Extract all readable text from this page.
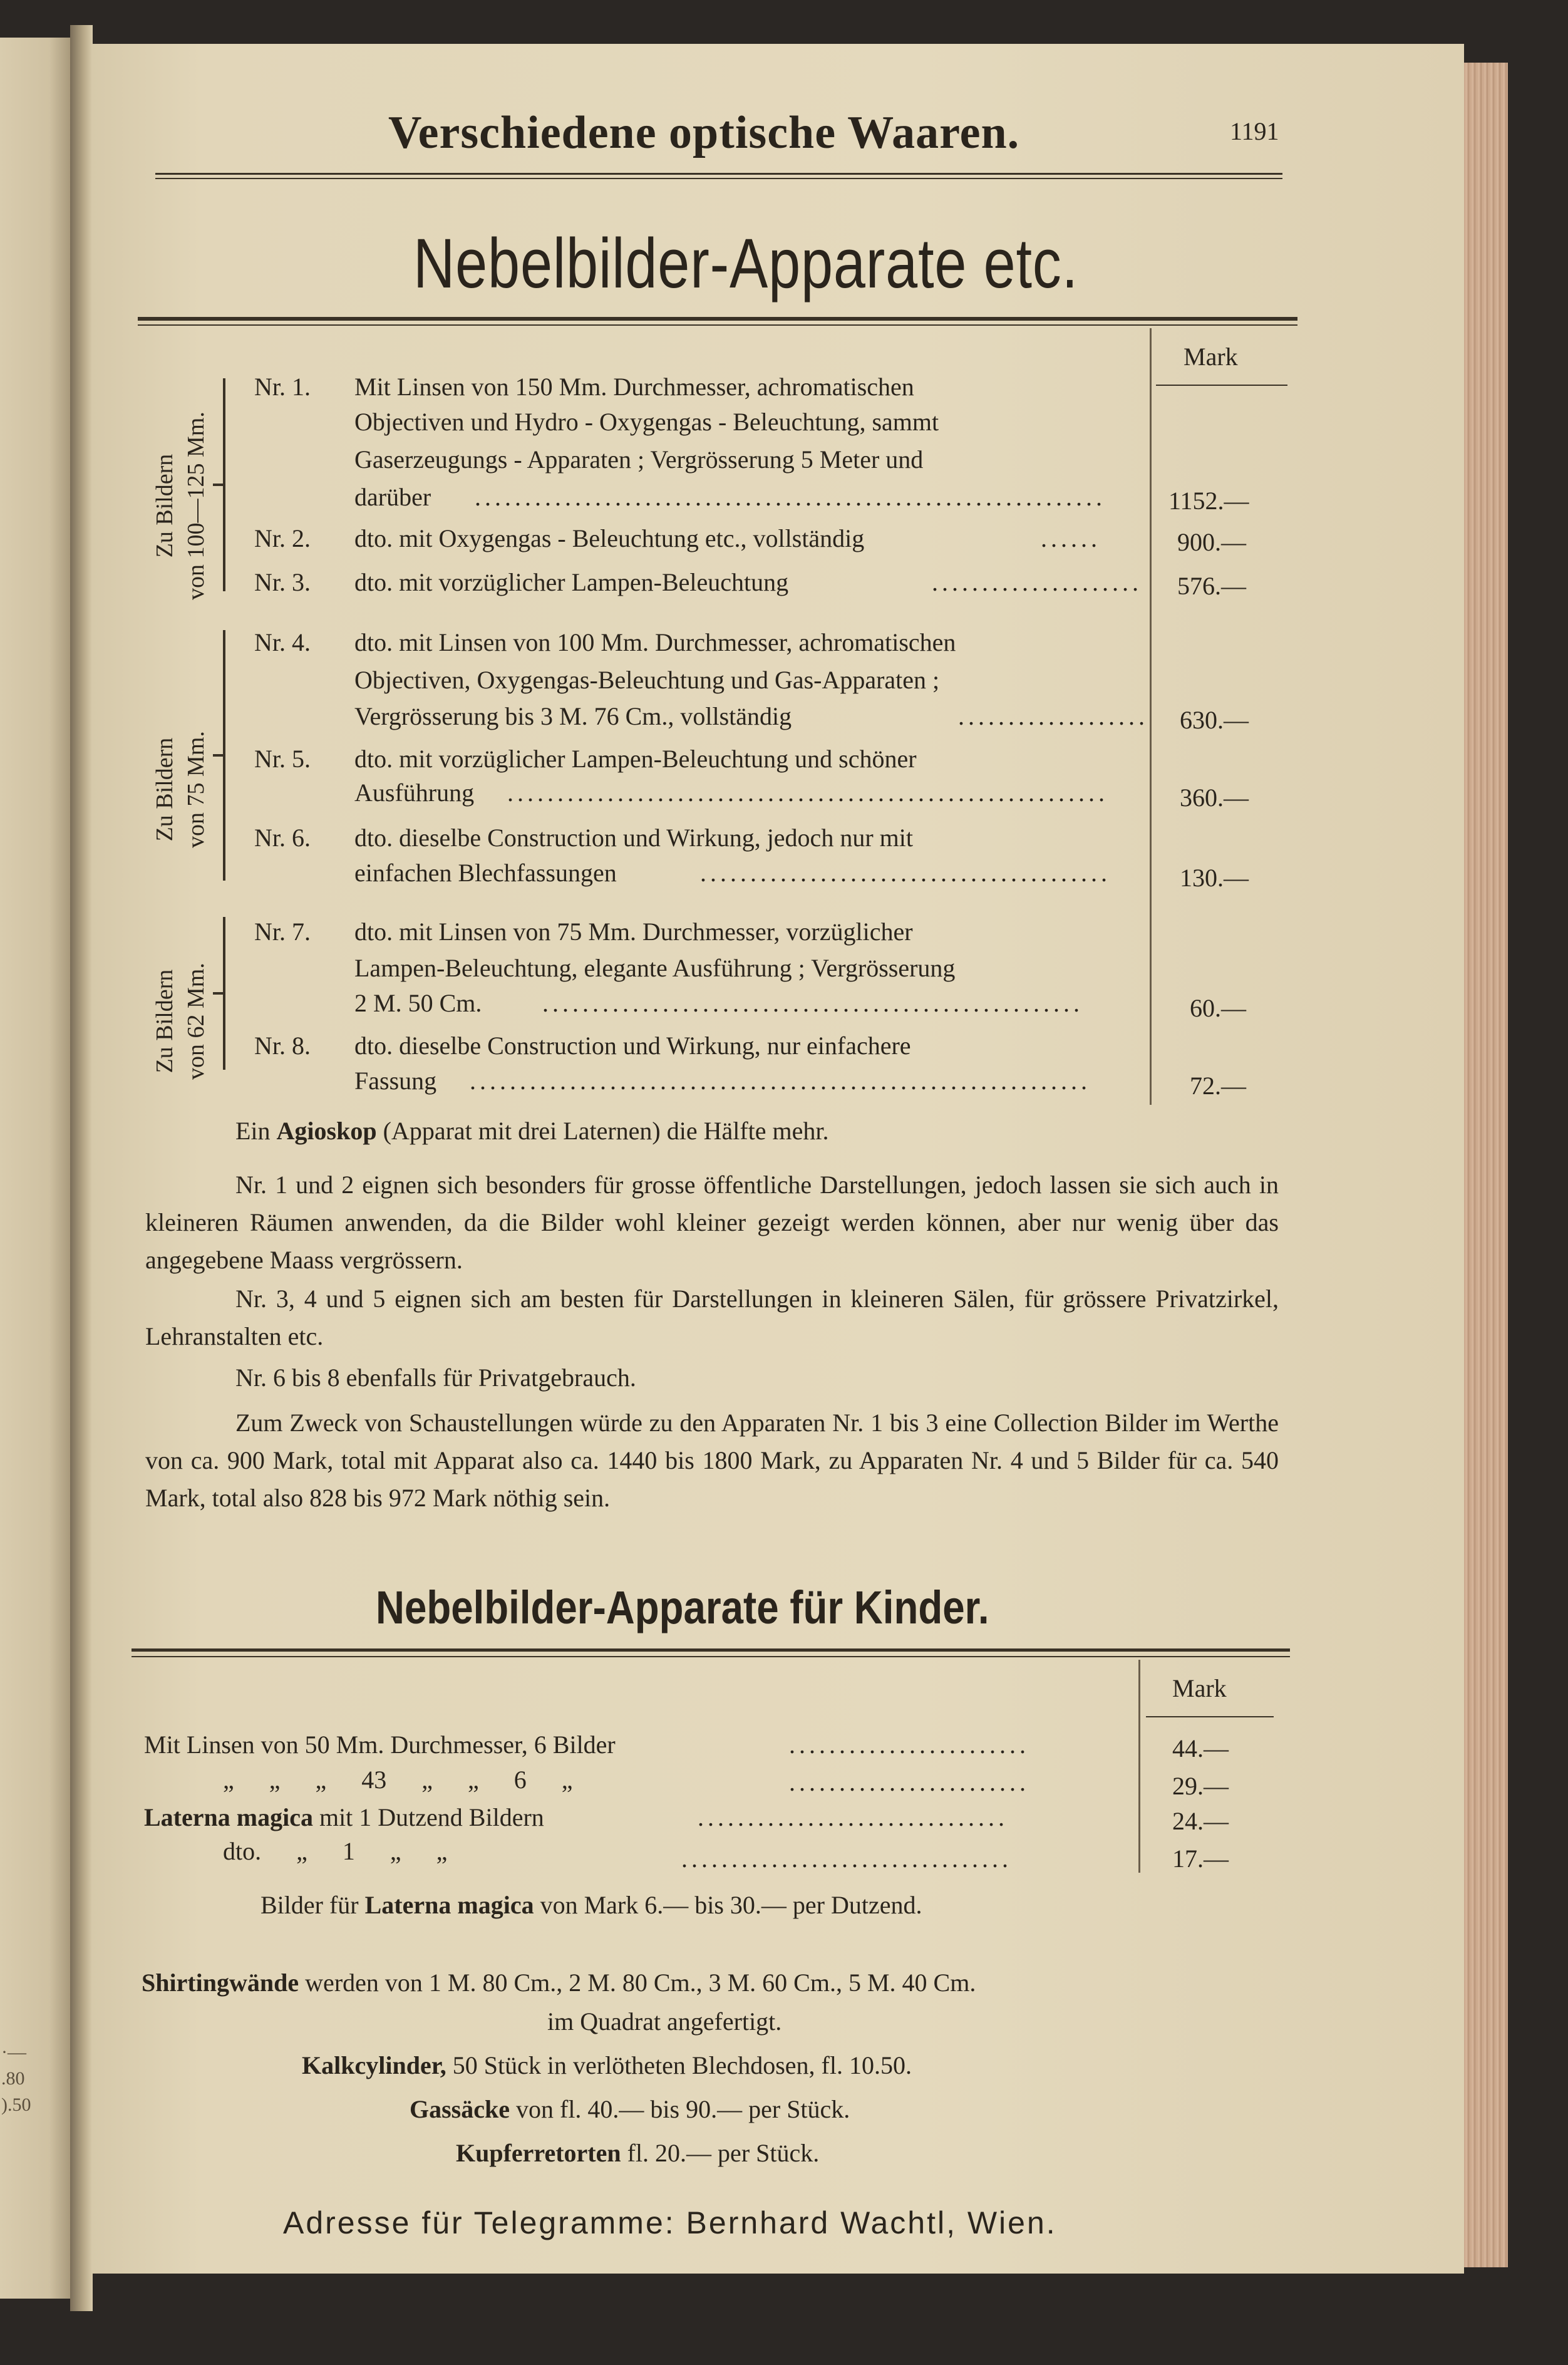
·—
.80
).50
Verschiedene optische Waaren.	1191
Nebelbilder-Apparate etc.
Mark
Zu Bildern von 100—125 Mm.
Zu Bildern von 75 Mm.
Zu Bildern von 62 Mm.
Nr. 1. Mit Linsen von 150 Mm. Durchmesser, achromatischen
Objectiven und Hydro - Oxygengas - Beleuchtung, sammt
Gaserzeugungs - Apparaten ; Vergrösserung 5 Meter und
darüber ...............................................................	1152.—
Nr. 2. dto. mit Oxygengas - Beleuchtung etc., vollständig	......	900.—
Nr. 3. dto. mit vorzüglicher Lampen-Beleuchtung	..................... 576.—
Nr. 4. dto. mit Linsen von 100 Mm. Durchmesser, achromatischen
Objectiven, Oxygengas-Beleuchtung und Gas-Apparaten ;
Vergrösserung bis 3 M. 76 Cm., vollständig	................... 630.—
Nr. 5. dto. mit vorzüglicher Lampen-Beleuchtung und schöner
Ausführung ............................................................	360.—
Nr. 6. dto. dieselbe Construction und Wirkung, jedoch nur mit
einfachen Blechfassungen	.........................................	130.—
Nr. 7. dto. mit Linsen von 75 Mm. Durchmesser, vorzüglicher
Lampen-Beleuchtung, elegante Ausführung ; Vergrösserung
2 M. 50 Cm. ......................................................	60.—
Nr. 8. dto. dieselbe Construction und Wirkung, nur einfachere
Fassung ..............................................................	72.—
Ein Agioskop (Apparat mit drei Laternen) die Hälfte mehr.
Nr. 1 und 2 eignen sich besonders für grosse öffentliche Darstellungen, jedoch lassen sie sich auch in kleineren Räumen anwenden, da die Bilder wohl kleiner gezeigt werden können, aber nur wenig über das angegebene Maass vergrössern.
Nr. 3, 4 und 5 eignen sich am besten für Darstellungen in kleineren Sälen, für grössere Privatzirkel, Lehranstalten etc.
Nr. 6 bis 8 ebenfalls für Privatgebrauch.
Zum Zweck von Schaustellungen würde zu den Apparaten Nr. 1 bis 3 eine Collection Bilder im Werthe von ca. 900 Mark, total mit Apparat also ca. 1440 bis 1800 Mark, zu Apparaten Nr. 4 und 5 Bilder für ca. 540 Mark, total also 828 bis 972 Mark nöthig sein.
Nebelbilder-Apparate für Kinder.
Mark
Mit Linsen von 50 Mm. Durchmesser, 6 Bilder	........................	44.—
„ „ „ 43 „ „ 6 „	........................	29.—
Laterna magica mit 1 Dutzend Bildern	...............................	24.—
dto. „ 1 „ „	.................................	17.—
Bilder für Laterna magica von Mark 6.— bis 30.— per Dutzend.
Shirtingwände werden von 1 M. 80 Cm., 2 M. 80 Cm., 3 M. 60 Cm., 5 M. 40 Cm.
im Quadrat angefertigt.
Kalkcylinder, 50 Stück in verlötheten Blechdosen, fl. 10.50.
Gassäcke von fl. 40.— bis 90.— per Stück.
Kupferretorten fl. 20.— per Stück.
Adresse für Telegramme: Bernhard Wachtl, Wien.
